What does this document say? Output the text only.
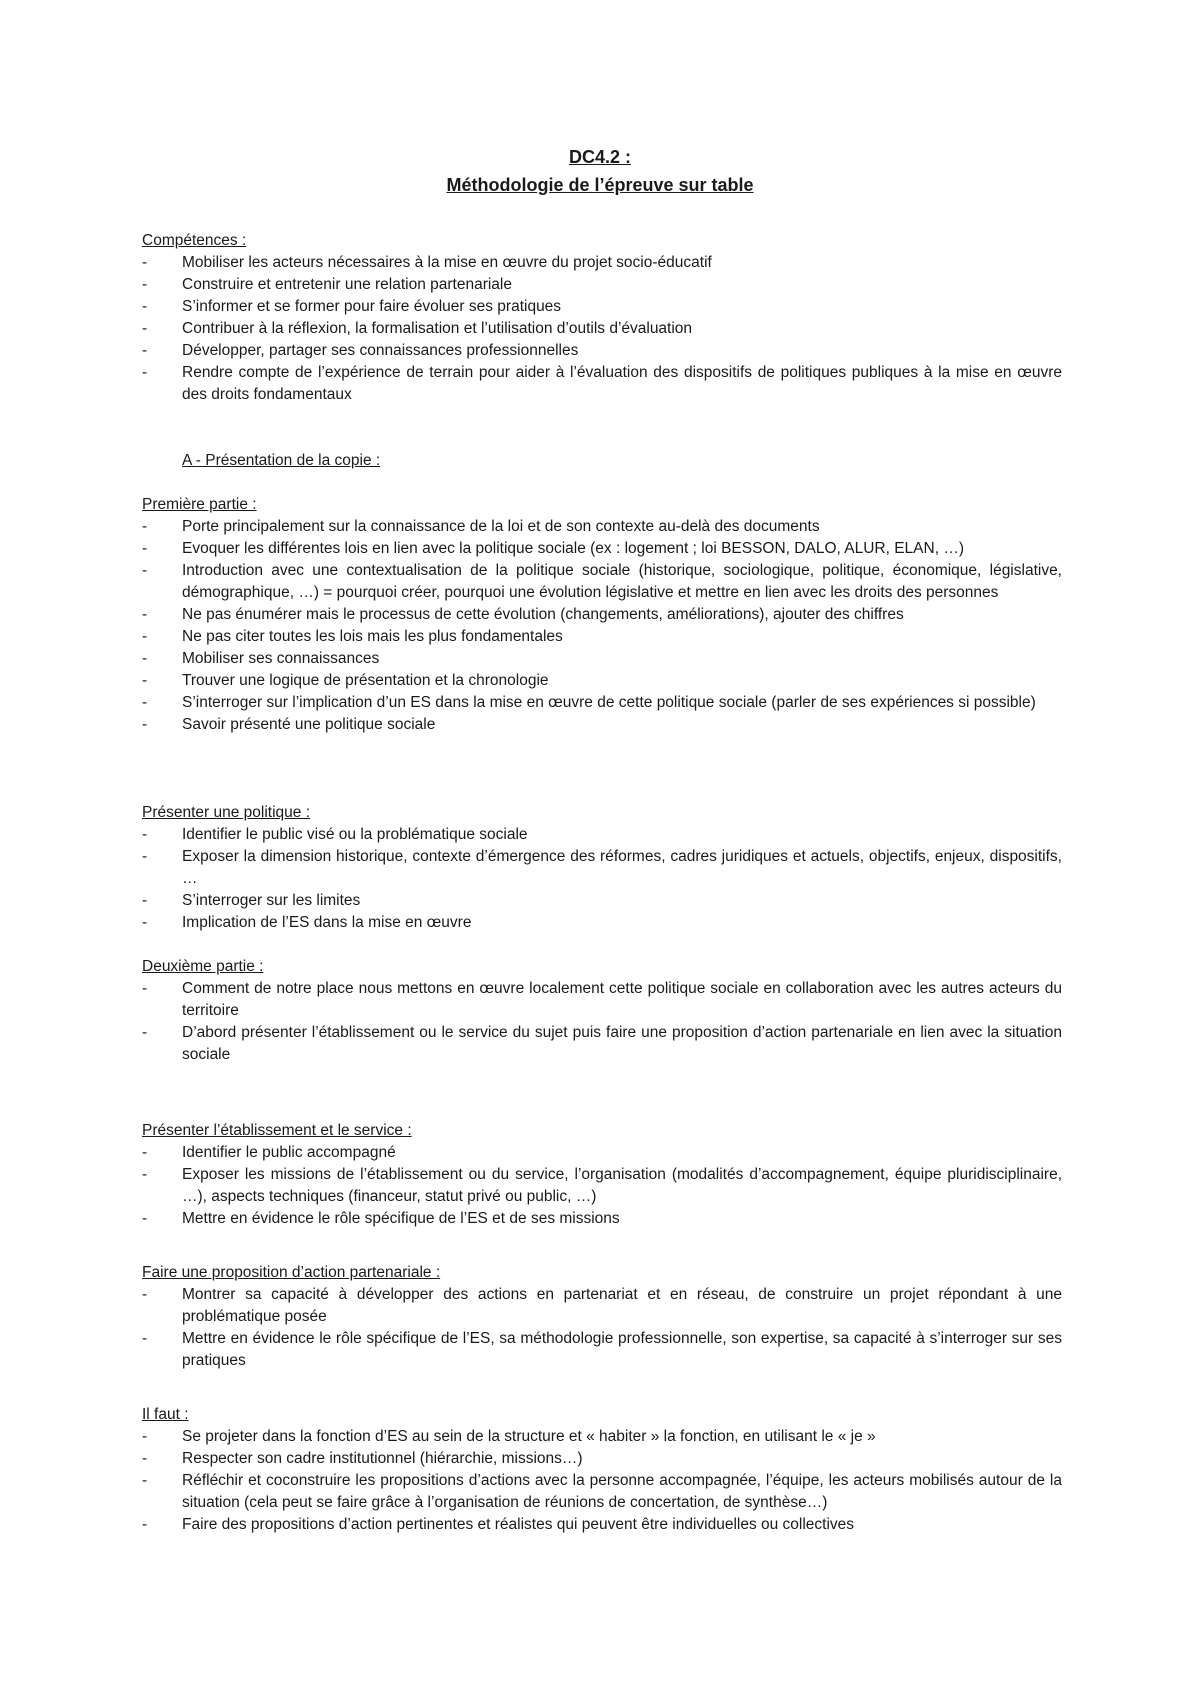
DC4.2 :
Méthodologie de l’épreuve sur table
Compétences :
- Mobiliser les acteurs nécessaires à la mise en œuvre du projet socio-éducatif
- Construire et entretenir une relation partenariale
- S’informer et se former pour faire évoluer ses pratiques
- Contribuer à la réflexion, la formalisation et l’utilisation d’outils d’évaluation
- Développer, partager ses connaissances professionnelles
- Rendre compte de l’expérience de terrain pour aider à l’évaluation des dispositifs de politiques publiques à la mise en œuvre des droits fondamentaux
A - Présentation de la copie :
Première partie :
- Porte principalement sur la connaissance de la loi et de son contexte au-delà des documents
- Evoquer les différentes lois en lien avec la politique sociale (ex : logement ; loi BESSON, DALO, ALUR, ELAN, …)
- Introduction avec une contextualisation de la politique sociale (historique, sociologique, politique, économique, législative, démographique, …) = pourquoi créer, pourquoi une évolution législative et mettre en lien avec les droits des personnes
- Ne pas énumérer mais le processus de cette évolution (changements, améliorations), ajouter des chiffres
- Ne pas citer toutes les lois mais les plus fondamentales
- Mobiliser ses connaissances
- Trouver une logique de présentation et la chronologie
- S’interroger sur l’implication d’un ES dans la mise en œuvre de cette politique sociale (parler de ses expériences si possible)
- Savoir présenté une politique sociale
Présenter une politique :
- Identifier le public visé ou la problématique sociale
- Exposer la dimension historique, contexte d’émergence des réformes, cadres juridiques et actuels, objectifs, enjeux, dispositifs, …
- S’interroger sur les limites
- Implication de l’ES dans la mise en œuvre
Deuxième partie :
- Comment de notre place nous mettons en œuvre localement cette politique sociale en collaboration avec les autres acteurs du territoire
- D’abord présenter l’établissement ou le service du sujet puis faire une proposition d’action partenariale en lien avec la situation sociale
Présenter l’établissement et le service :
- Identifier le public accompagné
- Exposer les missions de l’établissement ou du service, l’organisation (modalités d’accompagnement, équipe pluridisciplinaire, …), aspects techniques (financeur, statut privé ou public, …)
- Mettre en évidence le rôle spécifique de l’ES et de ses missions
Faire une proposition d’action partenariale :
- Montrer sa capacité à développer des actions en partenariat et en réseau, de construire un projet répondant à une problématique posée
- Mettre en évidence le rôle spécifique de l’ES, sa méthodologie professionnelle, son expertise, sa capacité à s’interroger sur ses pratiques
Il faut :
- Se projeter dans la fonction d’ES au sein de la structure et « habiter » la fonction, en utilisant le « je »
- Respecter son cadre institutionnel (hiérarchie, missions…)
- Réfléchir et coconstruire les propositions d’actions avec la personne accompagnée, l’équipe, les acteurs mobilisés autour de la situation (cela peut se faire grâce à l’organisation de réunions de concertation, de synthèse…)
- Faire des propositions d’action pertinentes et réalistes qui peuvent être individuelles ou collectives
